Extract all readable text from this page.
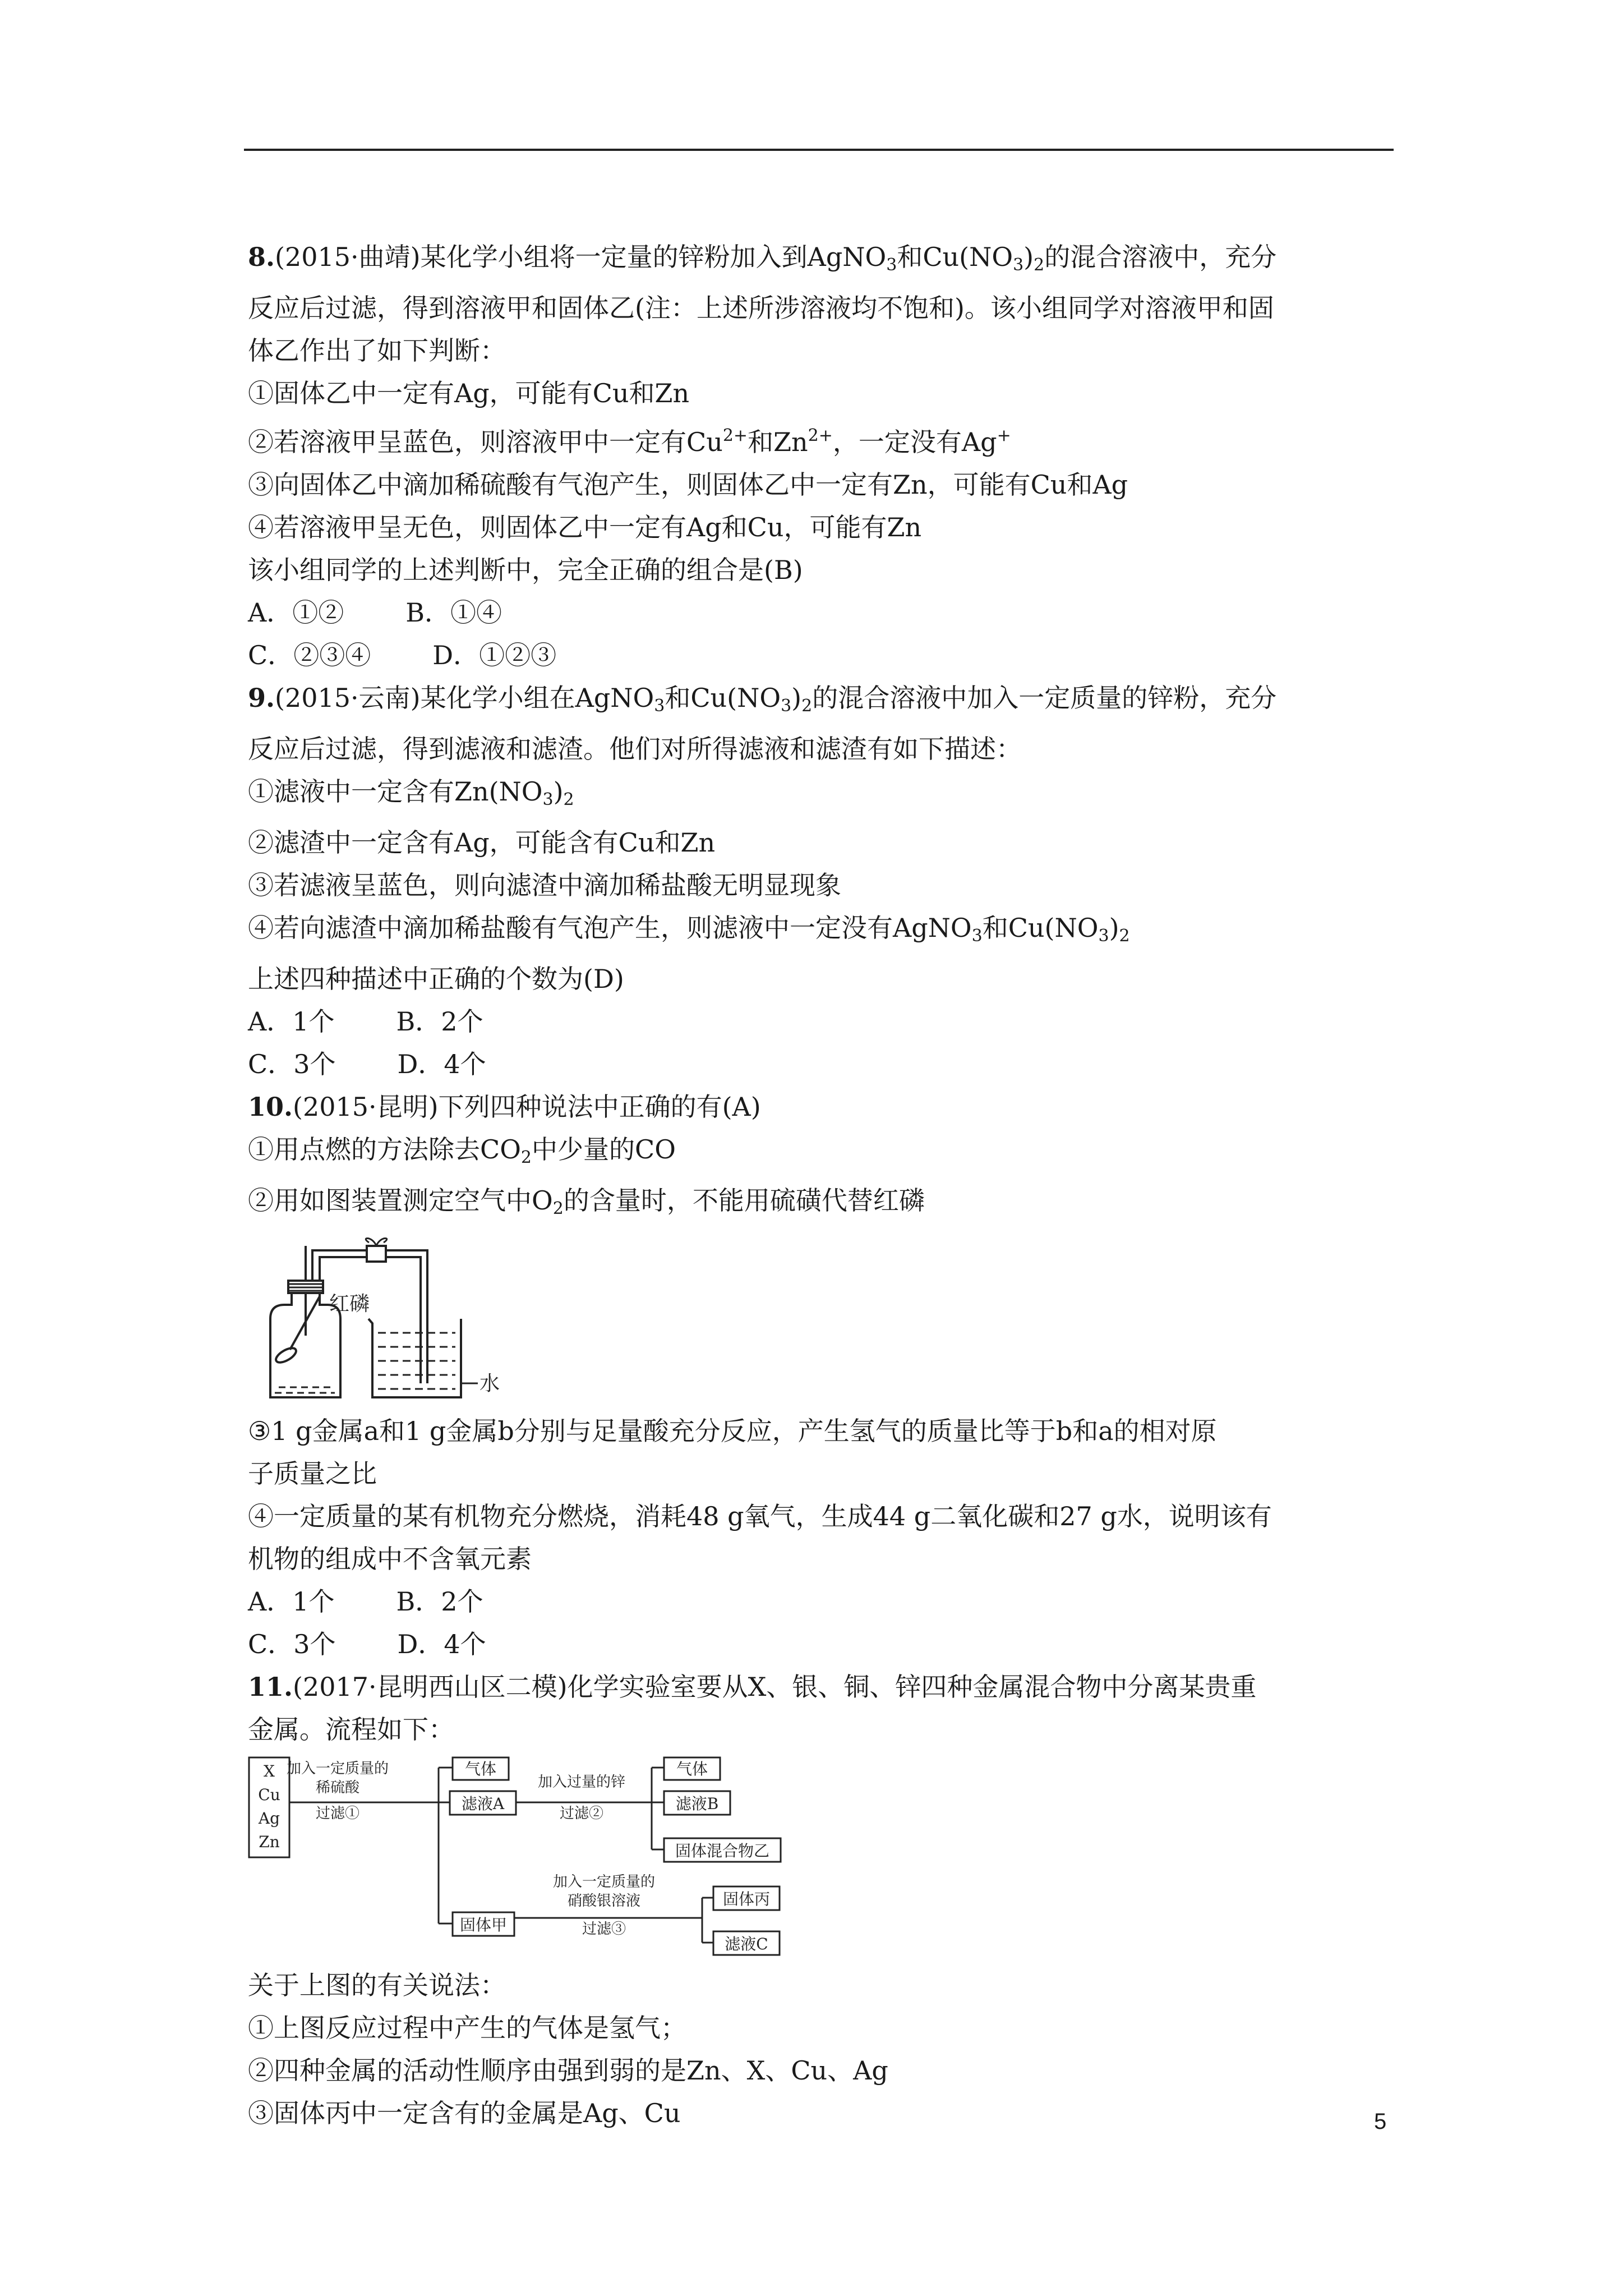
8.(2015·曲靖)某化学小组将一定量的锌粉加入到AgNO$_3$和$Cu(NO_3)_2$的混合溶液中，充分
反应后过滤，得到溶液甲和固体乙(注：上述所涉溶液均不饱和)。该小组同学对溶液甲和固
体乙作出了如下判断：
①固体乙中一定有Ag，可能有Cu和Zn
②若溶液甲呈蓝色，则溶液甲中一定有$Cu^{2+}$和$Zn^{2+}$，一定没有Ag+
③向固体乙中滴加稀硫酸有气泡产生，则固体乙中一定有Zn，可能有Cu和Ag
④若溶液甲呈无色，则固体乙中一定有Ag和Cu，可能有Zn
该小组同学的上述判断中，完全正确的组合是(B)
A．①② B．①④
C．②③④ D．①②③
9.(2015·云南)某化学小组在AgNO$_3$和$Cu(NO_3)_2$的混合溶液中加入一定质量的锌粉，充分
反应后过滤，得到滤液和滤渣。他们对所得滤液和滤渣有如下描述：
①滤液中一定含有$Zn(NO_3)_2$
②滤渣中一定含有Ag，可能含有Cu和Zn
③若滤液呈蓝色，则向滤渣中滴加稀盐酸无明显现象
④若向滤渣中滴加稀盐酸有气泡产生，则滤液中一定没有AgNO$_3$和$Cu(NO_3)_2$
上述四种描述中正确的个数为(D)
A．1个 B．2个
C．3个 D．4个
10.(2015·昆明)下列四种说法中正确的有(A)
①用点燃的方法除去$CO_2$中少量的CO
②用如图装置测定空气中$O_2$的含量时，不能用硫磺代替红磷
红磷
水
③1 g金属a和1 g金属b分别与足量酸充分反应，产生氢气的质量比等于b和a的相对原
子质量之比
④一定质量的某有机物充分燃烧，消耗48 g氧气，生成44 g二氧化碳和27 g水，说明该有
机物的组成中不含氧元素
A．1个 B．2个
C．3个 D．4个
11.(2017·昆明西山区二模)化学实验室要从X、银、铜、锌四种金属混合物中分离某贵重
金属。流程如下：
X
Cu
Ag
Zn
加入一定质量的
稀硫酸
过滤①
气体
滤液A
加入过量的锌
过滤②
气体
滤液B
固体混合物乙
固体甲
加入一定质量的
硝酸银溶液
过滤③
固体丙
滤液C
关于上图的有关说法：
①上图反应过程中产生的气体是氢气；
②四种金属的活动性顺序由强到弱的是Zn、X、Cu、Ag
③固体丙中一定含有的金属是Ag、Cu	5
